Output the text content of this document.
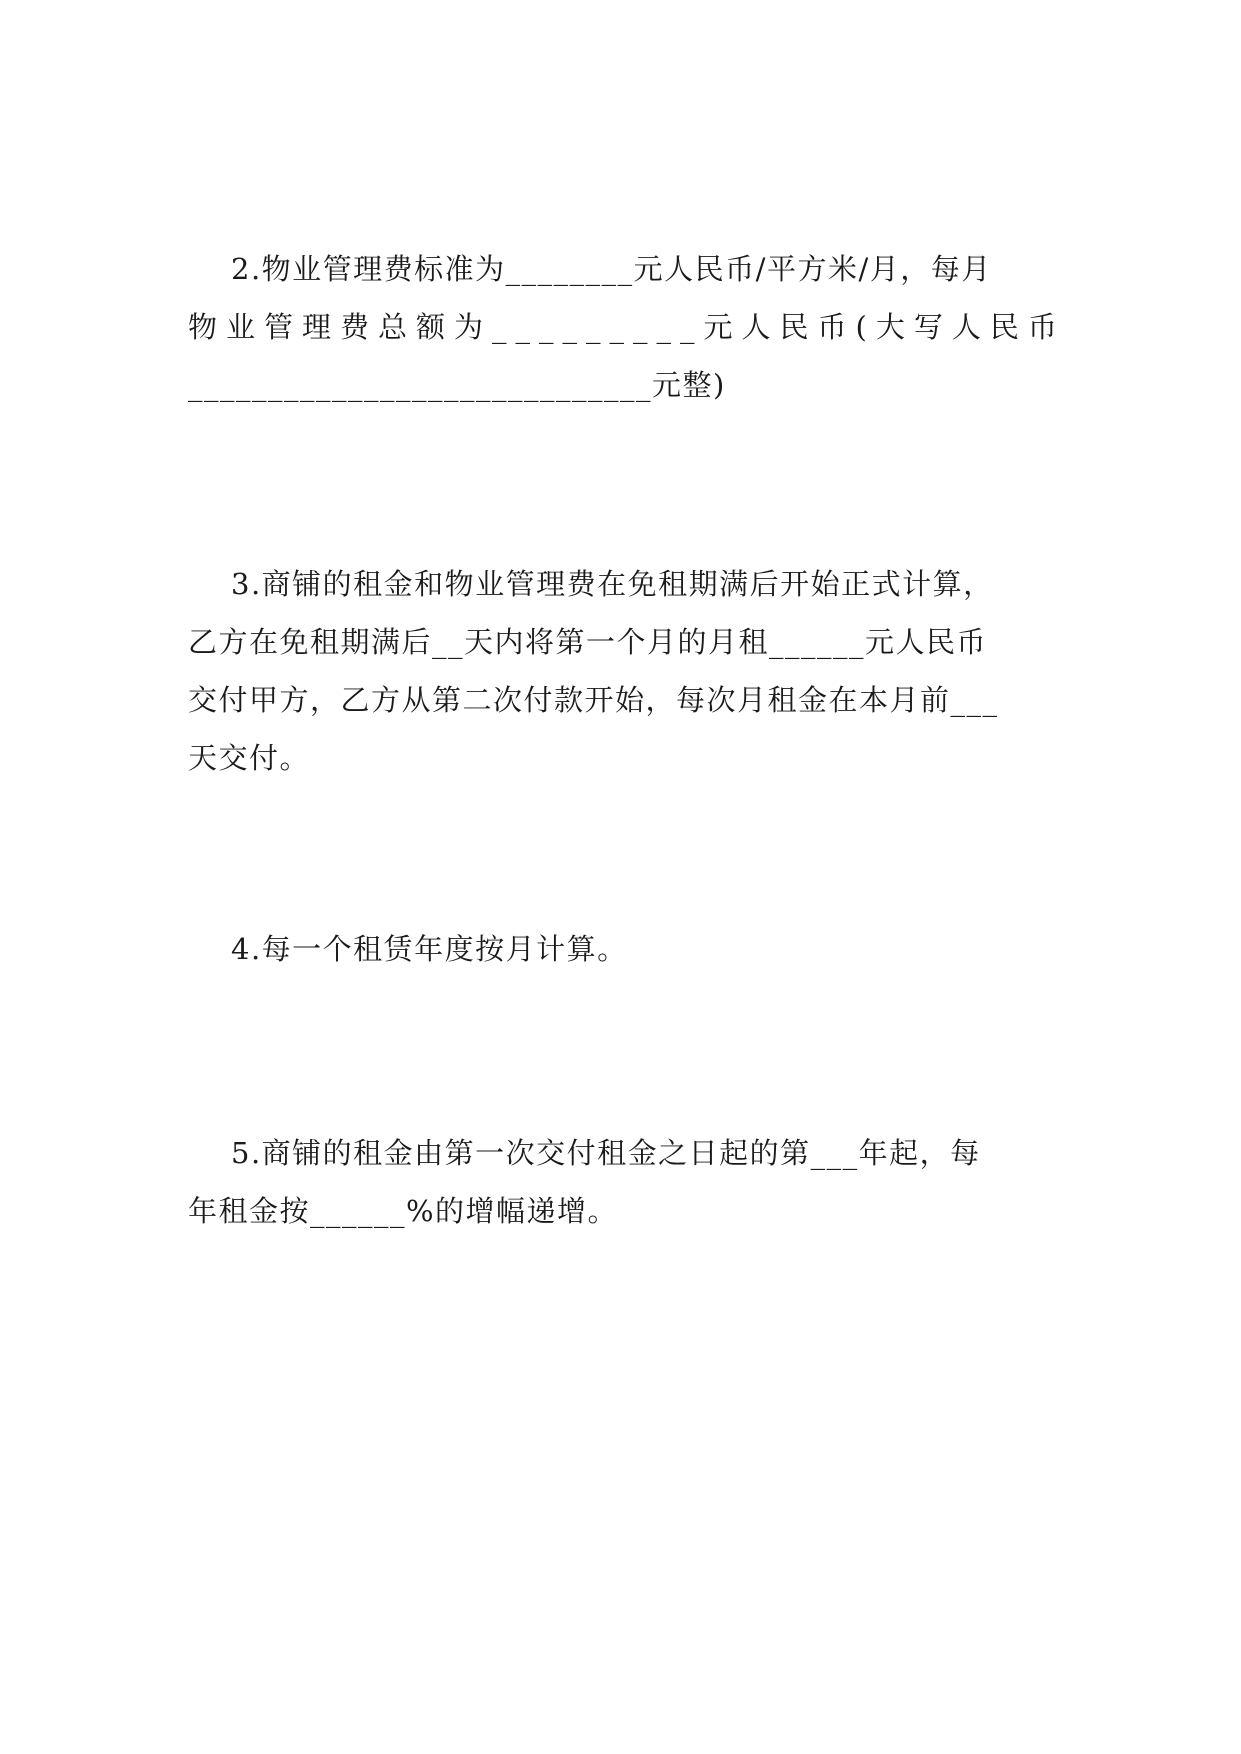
2.物业管理费标准为________元人民币/平方米/月，每月
物业管理费总额为_________元人民币(大写人民币
_____________________________元整)
3.商铺的租金和物业管理费在免租期满后开始正式计算，
乙方在免租期满后__天内将第一个月的月租______元人民币
交付甲方，乙方从第二次付款开始，每次月租金在本月前___
天交付。
4.每一个租赁年度按月计算。
5.商铺的租金由第一次交付租金之日起的第___年起，每
年租金按______%的增幅递增。
